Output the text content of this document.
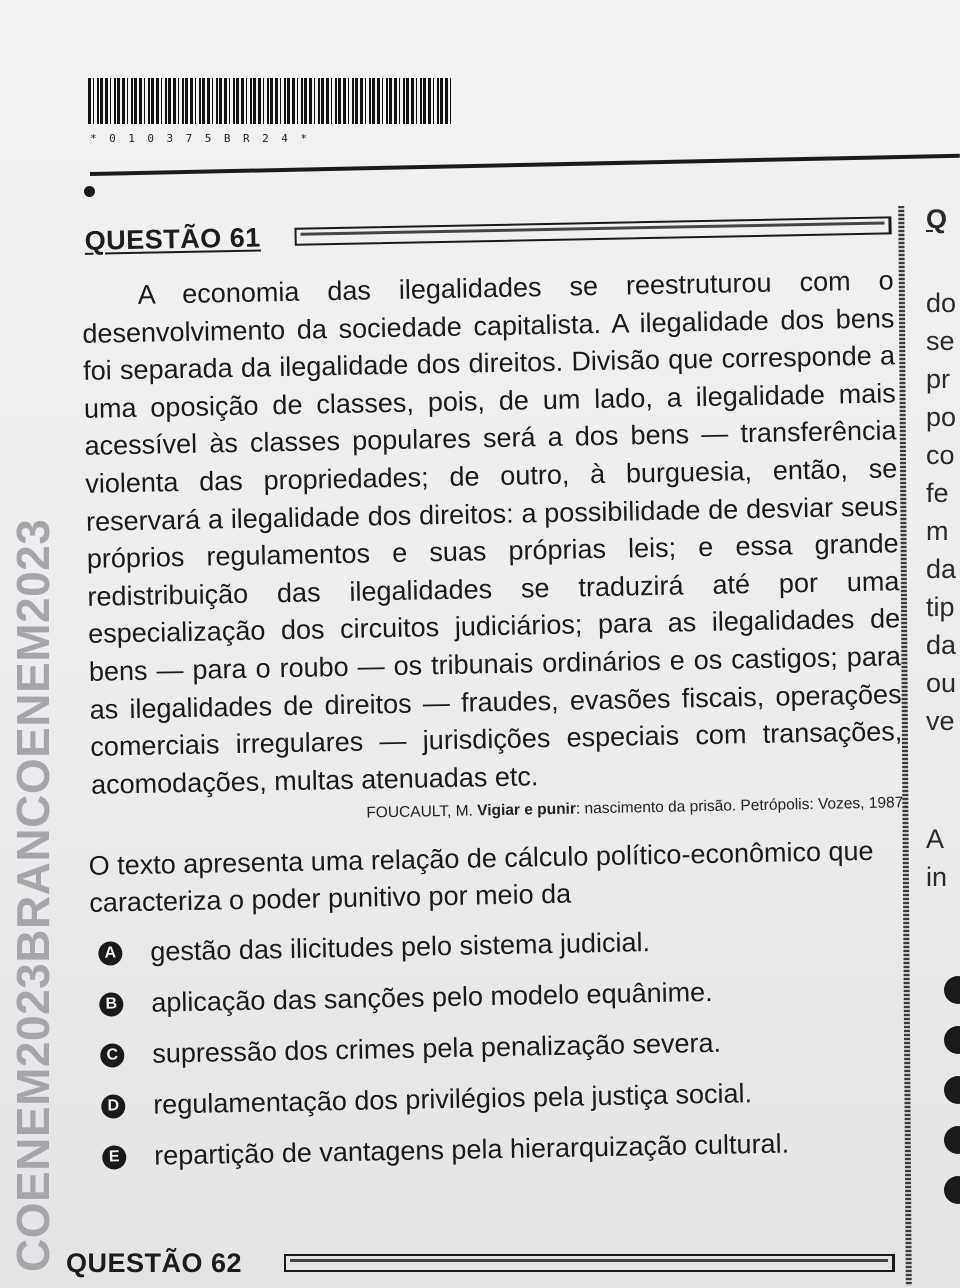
*010375BR24*
COENEM2023BRANCOENEM2023
QUESTÃO 61
A economia das ilegalidades se reestruturou com o desenvolvimento da sociedade capitalista. A ilegalidade dos bens foi separada da ilegalidade dos direitos. Divisão que corresponde a uma oposição de classes, pois, de um lado, a ilegalidade mais acessível às classes populares será a dos bens — transferência violenta das propriedades; de outro, à burguesia, então, se reservará a ilegalidade dos direitos: a possibilidade de desviar seus próprios regulamentos e suas próprias leis; e essa grande redistribuição das ilegalidades se traduzirá até por uma especialização dos circuitos judiciários; para as ilegalidades de bens — para o roubo — os tribunais ordinários e os castigos; para as ilegalidades de direitos — fraudes, evasões fiscais, operações comerciais irregulares — jurisdições especiais com transações, acomodações, multas atenuadas etc.
FOUCAULT, M. Vigiar e punir: nascimento da prisão. Petrópolis: Vozes, 1987.
O texto apresenta uma relação de cálculo político-econômico que caracteriza o poder punitivo por meio da
A gestão das ilicitudes pelo sistema judicial.
B aplicação das sanções pelo modelo equânime.
C supressão dos crimes pela penalização severa.
D regulamentação dos privilégios pela justiça social.
E repartição de vantagens pela hierarquização cultural.
QUESTÃO 62
Q
do
se
pr
po
co
fe
m
da
tip
da
ou
ve
A
in
